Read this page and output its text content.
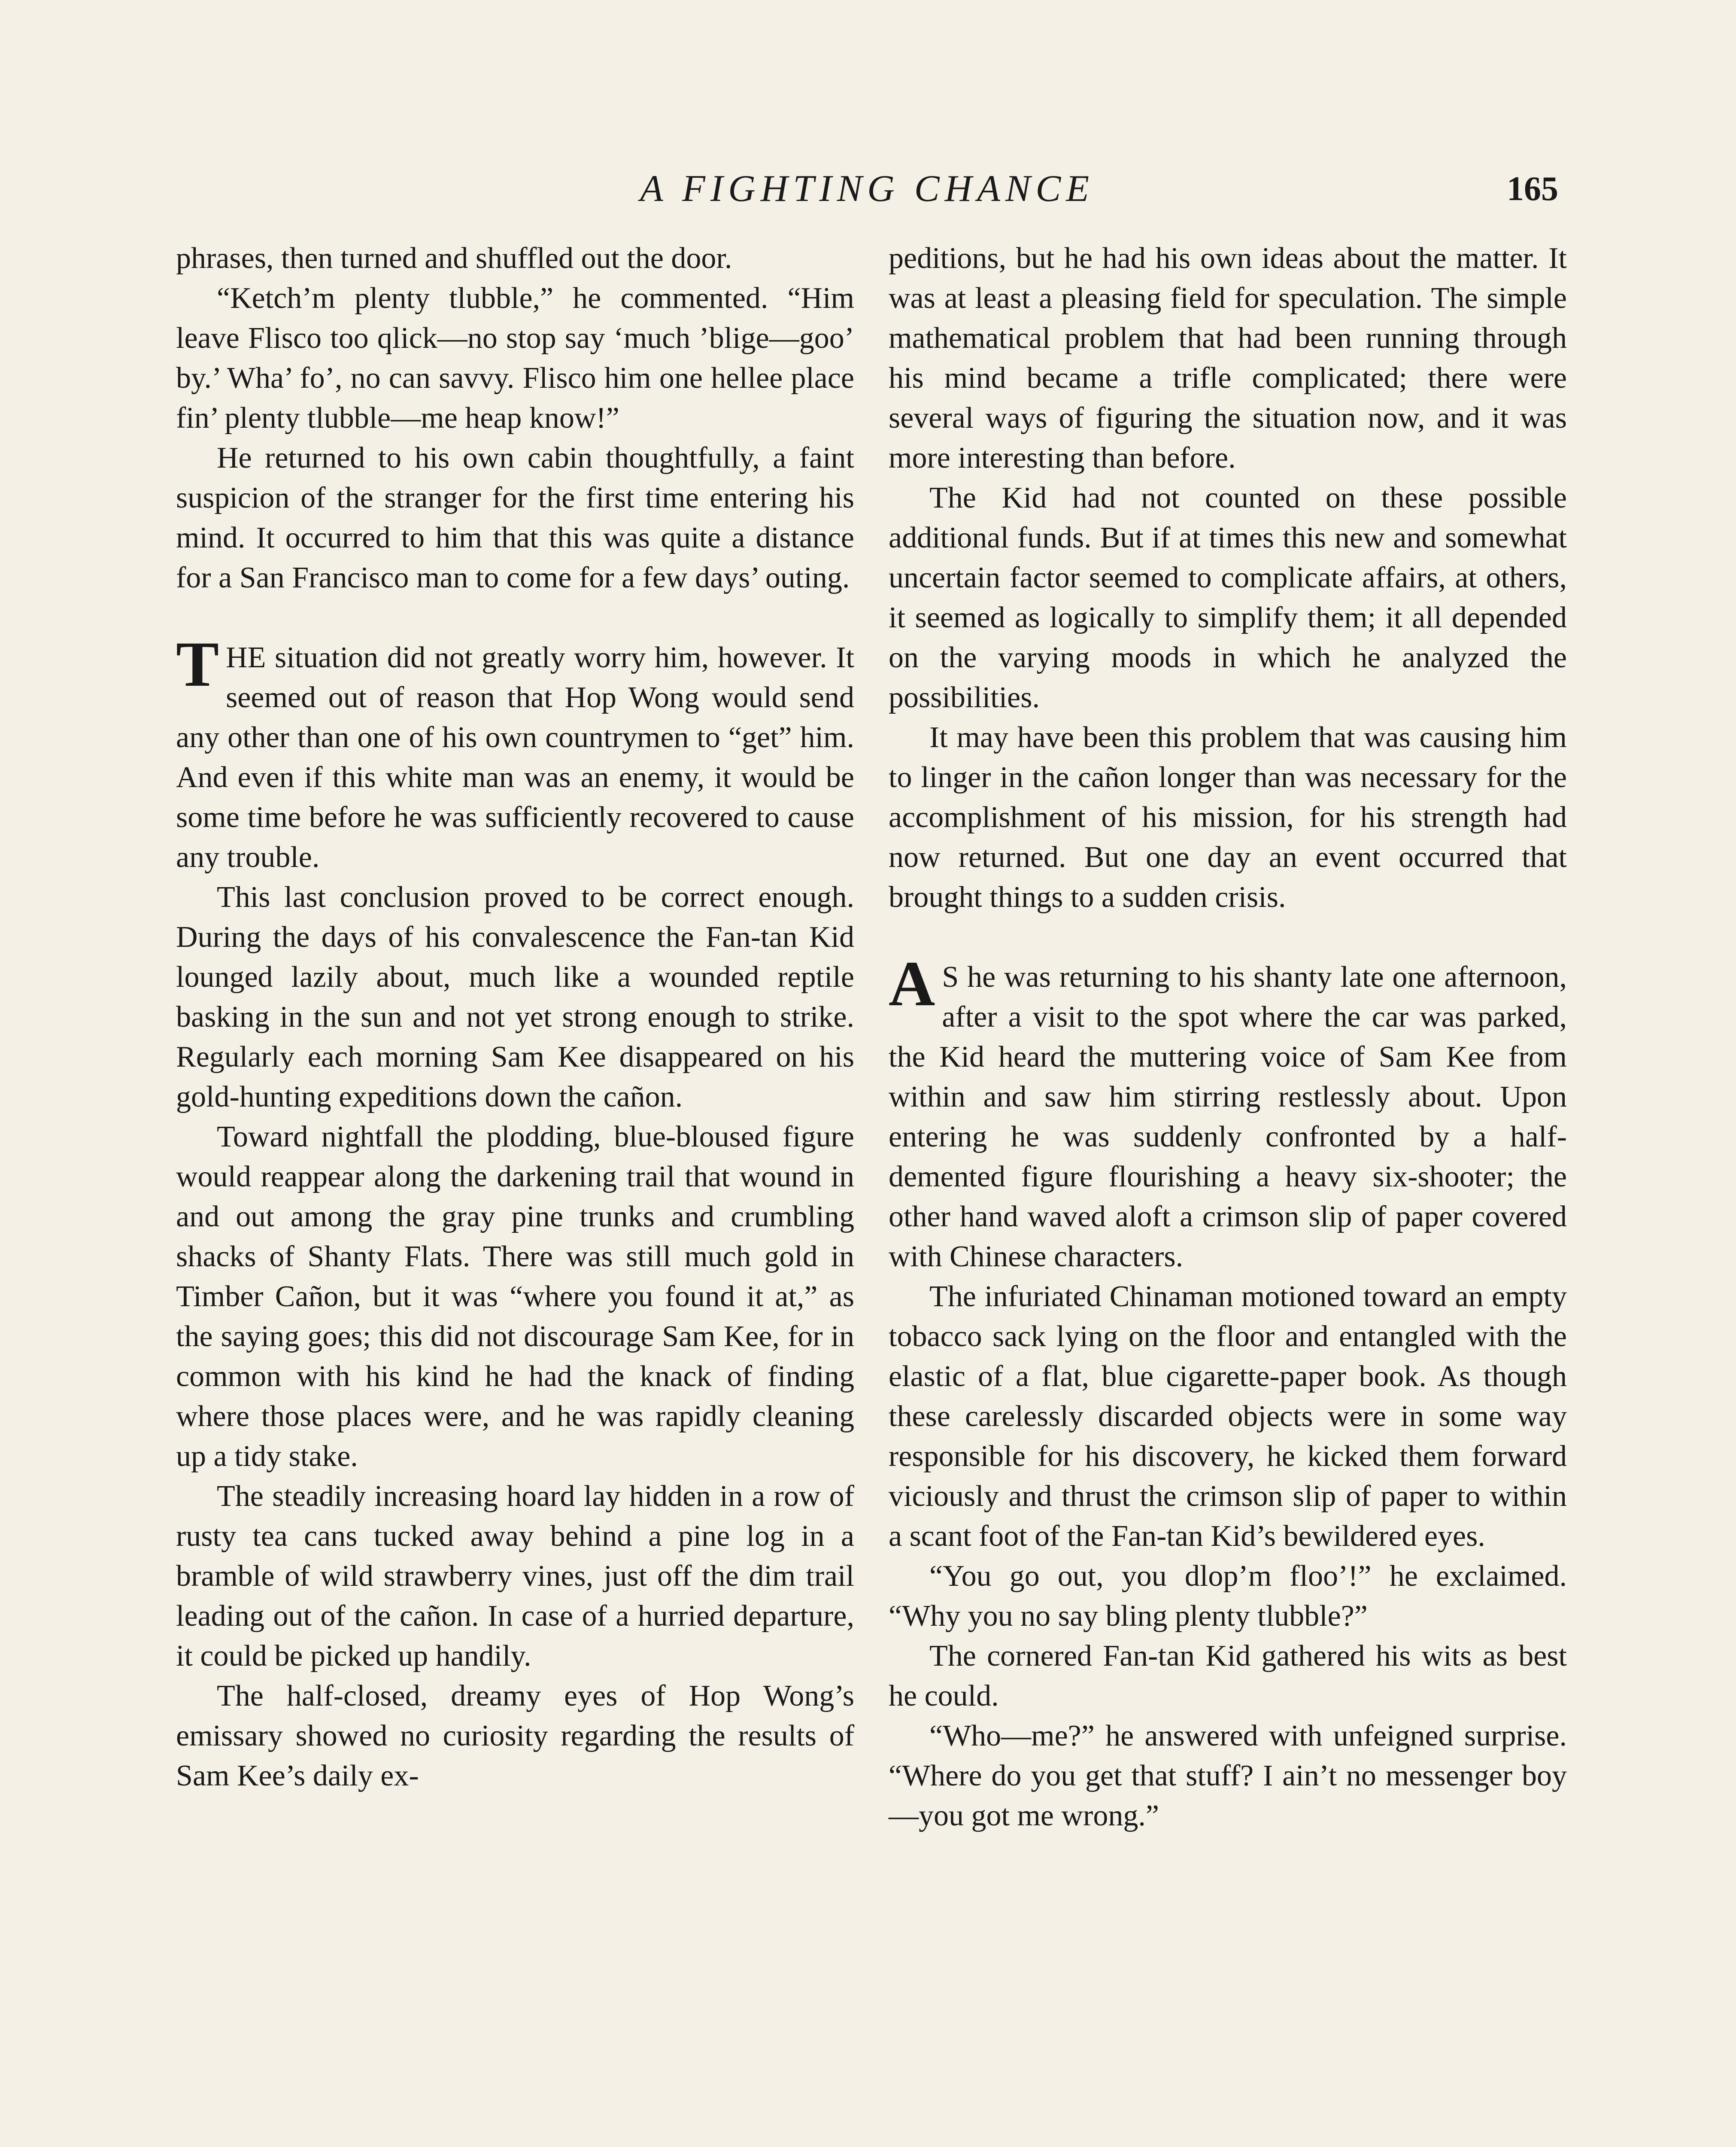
A FIGHTING CHANCE	165

phrases, then turned and shuffled out the door.

“Ketch’m plenty tlubble,” he commented. “Him leave Flisco too qlick—no stop say ‘much ’blige—goo’ by.’ Wha’ fo’, no can savvy. Flisco him one hellee place fin’ plenty tlubble—me heap know!”

He returned to his own cabin thoughtfully, a faint suspicion of the stranger for the first time entering his mind. It occurred to him that this was quite a distance for a San Francisco man to come for a few days’ outing.

THE situation did not greatly worry him, however. It seemed out of reason that Hop Wong would send any other than one of his own countrymen to “get” him. And even if this white man was an enemy, it would be some time before he was sufficiently recovered to cause any trouble.

This last conclusion proved to be correct enough. During the days of his convalescence the Fan-tan Kid lounged lazily about, much like a wounded reptile basking in the sun and not yet strong enough to strike. Regularly each morning Sam Kee disappeared on his gold-hunting expeditions down the cañon.

Toward nightfall the plodding, blue-bloused figure would reappear along the darkening trail that wound in and out among the gray pine trunks and crumbling shacks of Shanty Flats. There was still much gold in Timber Cañon, but it was “where you found it at,” as the saying goes; this did not discourage Sam Kee, for in common with his kind he had the knack of finding where those places were, and he was rapidly cleaning up a tidy stake.

The steadily increasing hoard lay hidden in a row of rusty tea cans tucked away behind a pine log in a bramble of wild strawberry vines, just off the dim trail leading out of the cañon. In case of a hurried departure, it could be picked up handily.

The half-closed, dreamy eyes of Hop Wong’s emissary showed no curiosity regarding the results of Sam Kee’s daily ex-

peditions, but he had his own ideas about the matter. It was at least a pleasing field for speculation. The simple mathematical problem that had been running through his mind became a trifle complicated; there were several ways of figuring the situation now, and it was more interesting than before.

The Kid had not counted on these possible additional funds. But if at times this new and somewhat uncertain factor seemed to complicate affairs, at others, it seemed as logically to simplify them; it all depended on the varying moods in which he analyzed the possibilities.

It may have been this problem that was causing him to linger in the cañon longer than was necessary for the accomplishment of his mission, for his strength had now returned. But one day an event occurred that brought things to a sudden crisis.

A S he was returning to his shanty late one afternoon, after a visit to the spot where the car was parked, the Kid heard the muttering voice of Sam Kee from within and saw him stirring restlessly about. Upon entering he was suddenly confronted by a half-demented figure flourishing a heavy six-shooter; the other hand waved aloft a crimson slip of paper covered with Chinese characters.

The infuriated Chinaman motioned toward an empty tobacco sack lying on the floor and entangled with the elastic of a flat, blue cigarette-paper book. As though these carelessly discarded objects were in some way responsible for his discovery, he kicked them forward viciously and thrust the crimson slip of paper to within a scant foot of the Fan-tan Kid’s bewildered eyes.

“You go out, you dlop’m floo’!” he exclaimed. “Why you no say bling plenty tlubble?”

The cornered Fan-tan Kid gathered his wits as best he could.

“Who—me?” he answered with unfeigned surprise. “Where do you get that stuff? I ain’t no messenger boy—you got me wrong.”
